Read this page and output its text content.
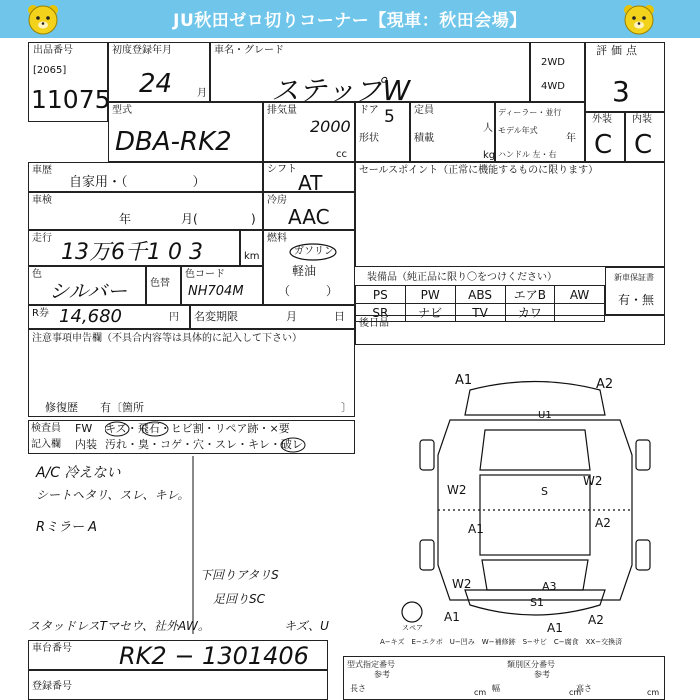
JU秋田ゼロ切りコーナー【現車：秋田会場】
出品番号
[2065]
11075
初度登録年月
24 月
車名・グレード
ステップW
2WD
4WD
評価点
3
外装
C
内装
C
型式
DBA-RK2
排気量
2000
cc
ドア 5
形状
定員
人
積載
kg
ディーラー・並行
モデル年式
年
ハンドル 左・右
車歴
自家用・（　　　　　）
シフト
AT
セールスポイント（正常に機能するものに限ります）
車検
年	月(	)
冷房
AAC
走行
13万6千1 0 3	km
燃料
ガソリン
軽油
（　　　）
色
シルバー 色替
色コード
NH704M
装備品（純正品に限り〇をつけください）
PS	PW	ABS	エアB	AW
SR	ナビ	TV	カワ	
新車保証書
有・無
R券 14,680	円 名変期限	月	日
後日品
注意事項申告欄（不具合内容等は具体的に記入して下さい）
修復歴　　有〔箇所	〕
検査員
記入欄
FW キズ・飛石・ヒビ割・リペア跡・×要
内装 汚れ・臭・コゲ・穴・スレ・キレ・破レ
A/C 冷えない
シートヘタリ、スレ、キレ。
Rミラー A
下回りアタリS
足回りSC
スタッドレスTマセウ、社外AW。	キズ、U
A1	A2
U1
W2	S
W2
A1	A2
W2	A3
S1
A1
A1
A2
スペア
A−キズ　E−エクボ　U−凹み　W−補修跡　S−サビ　C−腐食　XX−交換済
車台番号 RK2 − 1301406
登録番号
型式指定番号
参考
類別区分番号
参考
長さ	cm 幅	cm
高さ	cm
